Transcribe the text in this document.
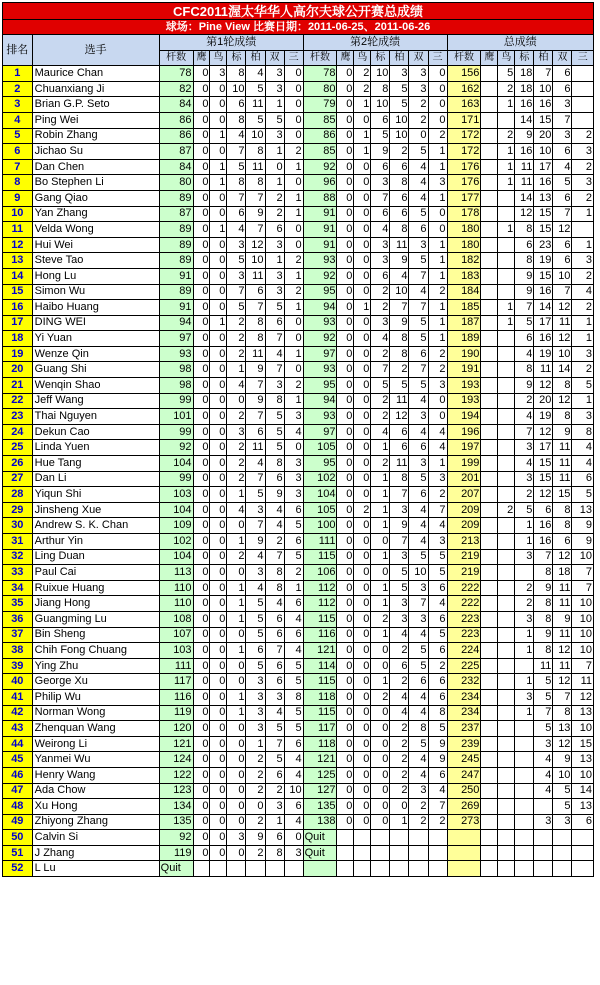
CFC2011渥太华华人高尔夫球公开赛总成绩																						
球场：Pine View 比赛日期：2011-06-25、2011-06-26																						
排名	选手	第1轮成绩							第2轮成绩							总成绩						
		杆数	鹰	鸟	标	柏	双	三	杆数	鹰	鸟	标	柏	双	三	杆数	鹰	鸟	标	柏	双	三
1	Maurice Chan	78	0	3	8	4	3	0	78	0	2	10	3	3	0	156		5	18	7	6	
2	Chuanxiang Ji	82	0	0	10	5	3	0	80	0	2	8	5	3	0	162		2	18	10	6	
3	Brian G.P. Seto	84	0	0	6	11	1	0	79	0	1	10	5	2	0	163		1	16	16	3	
4	Ping Wei	86	0	0	8	5	5	0	85	0	0	6	10	2	0	171			14	15	7	
5	Robin Zhang	86	0	1	4	10	3	0	86	0	1	5	10	0	2	172		2	9	20	3	2
6	Jichao Su	87	0	0	7	8	1	2	85	0	1	9	2	5	1	172		1	16	10	6	3
7	Dan Chen	84	0	1	5	11	0	1	92	0	0	6	6	4	1	176		1	11	17	4	2
8	Bo Stephen Li	80	0	1	8	8	1	0	96	0	0	3	8	4	3	176		1	11	16	5	3
9	Gang Qiao	89	0	0	7	7	2	1	88	0	0	7	6	4	1	177			14	13	6	2
10	Yan Zhang	87	0	0	6	9	2	1	91	0	0	6	6	5	0	178			12	15	7	1
11	Velda Wong	89	0	1	4	7	6	0	91	0	0	4	8	6	0	180		1	8	15	12	
12	Hui Wei	89	0	0	3	12	3	0	91	0	0	3	11	3	1	180			6	23	6	1
13	Steve Tao	89	0	0	5	10	1	2	93	0	0	3	9	5	1	182			8	19	6	3
14	Hong Lu	91	0	0	3	11	3	1	92	0	0	6	4	7	1	183			9	15	10	2
15	Simon Wu	89	0	0	7	6	3	2	95	0	0	2	10	4	2	184			9	16	7	4
16	Haibo Huang	91	0	0	5	7	5	1	94	0	1	2	7	7	1	185		1	7	14	12	2
17	DING WEI	94	0	1	2	8	6	0	93	0	0	3	9	5	1	187		1	5	17	11	1
18	Yi Yuan	97	0	0	2	8	7	0	92	0	0	4	8	5	1	189			6	16	12	1
19	Wenze Qin	93	0	0	2	11	4	1	97	0	0	2	8	6	2	190			4	19	10	3
20	Guang Shi	98	0	0	1	9	7	0	93	0	0	7	2	7	2	191			8	11	14	2
21	Wenqin Shao	98	0	0	4	7	3	2	95	0	0	5	5	5	3	193			9	12	8	5
22	Jeff Wang	99	0	0	0	9	8	1	94	0	0	2	11	4	0	193			2	20	12	1
23	Thai Nguyen	101	0	0	2	7	5	3	93	0	0	2	12	3	0	194			4	19	8	3
24	Dekun Cao	99	0	0	3	6	5	4	97	0	0	4	6	4	4	196			7	12	9	8
25	Linda Yuen	92	0	0	2	11	5	0	105	0	0	1	6	6	4	197			3	17	11	4
26	Hue Tang	104	0	0	2	4	8	3	95	0	0	2	11	3	1	199			4	15	11	4
27	Dan Li	99	0	0	2	7	6	3	102	0	0	1	8	5	3	201			3	15	11	6
28	Yiqun Shi	103	0	0	1	5	9	3	104	0	0	1	7	6	2	207			2	12	15	5
29	Jinsheng Xue	104	0	0	4	3	4	6	105	0	2	1	3	4	7	209		2	5	6	8	13
30	Andrew S. K. Chan	109	0	0	0	7	4	5	100	0	0	1	9	4	4	209			1	16	8	9
31	Arthur Yin	102	0	0	1	9	2	6	111	0	0	0	7	4	3	213			1	16	6	9
32	Ling Duan	104	0	0	2	4	7	5	115	0	0	1	3	5	5	219			3	7	12	10
33	Paul Cai	113	0	0	0	3	8	2	106	0	0	0	5	10	5	219				8	18	7
34	Ruixue Huang	110	0	0	1	4	8	1	112	0	0	1	5	3	6	222			2	9	11	7
35	Jiang Hong	110	0	0	1	5	4	6	112	0	0	1	3	7	4	222			2	8	11	10
36	Guangming Lu	108	0	0	1	5	6	4	115	0	0	2	3	3	6	223			3	8	9	10
37	Bin Sheng	107	0	0	0	5	6	6	116	0	0	1	4	4	5	223			1	9	11	10
38	Chih Fong Chuang	103	0	0	1	6	7	4	121	0	0	0	2	5	6	224			1	8	12	10
39	Ying Zhu	111	0	0	0	5	6	5	114	0	0	0	6	5	2	225				11	11	7
40	George Xu	117	0	0	0	3	6	5	115	0	0	1	2	6	6	232			1	5	12	11
41	Philip Wu	116	0	0	1	3	3	8	118	0	0	2	4	4	6	234			3	5	7	12
42	Norman Wong	119	0	0	1	3	4	5	115	0	0	0	4	4	8	234			1	7	8	13
43	Zhenquan Wang	120	0	0	0	3	5	5	117	0	0	0	2	8	5	237				5	13	10
44	Weirong Li	121	0	0	0	1	7	6	118	0	0	0	2	5	9	239				3	12	15
45	Yanmei Wu	124	0	0	0	2	5	4	121	0	0	0	2	4	9	245				4	9	13
46	Henry Wang	122	0	0	0	2	6	4	125	0	0	0	2	4	6	247				4	10	10
47	Ada Chow	123	0	0	0	2	2	10	127	0	0	0	2	3	4	250				4	5	14
48	Xu Hong	134	0	0	0	0	3	6	135	0	0	0	0	2	7	269					5	13
49	Zhiyong Zhang	135	0	0	0	2	1	4	138	0	0	0	1	2	2	273				3	3	6
50	Calvin Si	92	0	0	3	9	6	0	Quit													
51	J Zhang	119	0	0	0	2	8	3	Quit													
52	L Lu	Quit																				
